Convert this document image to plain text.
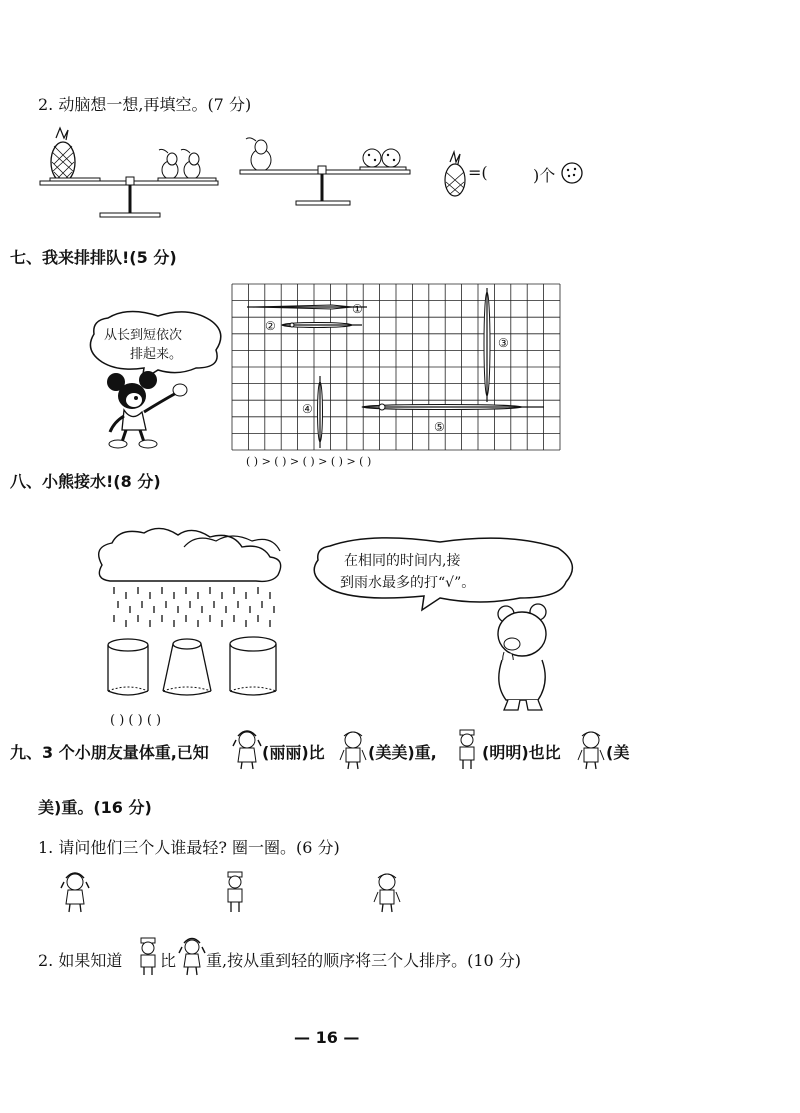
2. 动脑想一想,再填空。(7 分)
=(	)个
七、我来排排队!(5 分)
从长到短依次
排起来。
①
②
③
④
⑤
( ) > ( ) > ( ) > ( ) > ( )
八、小熊接水!(8 分)
( ) ( ) ( )
在相同的时间内,接
到雨水最多的打“√”。
九、3 个小朋友量体重,已知	(丽丽)比	(美美)重,	(明明)也比	(美
美)重。(16 分)
1. 请问他们三个人谁最轻? 圈一圈。(6 分)
2. 如果知道 比 重,按从重到轻的顺序将三个人排序。(10 分)
— 16 —
